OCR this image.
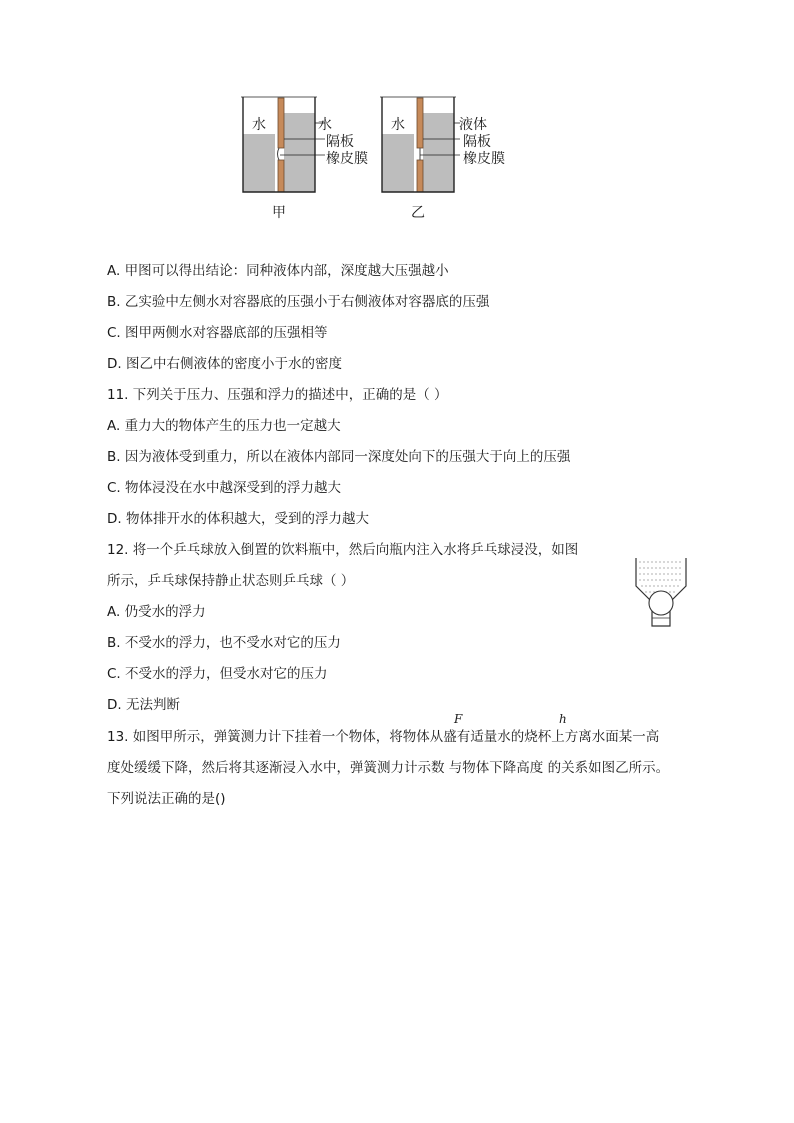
水	水
隔板
橡皮膜
甲
水	液体
隔板
橡皮膜
乙
A. 甲图可以得出结论：同种液体内部，深度越大压强越小
B. 乙实验中左侧水对容器底的压强小于右侧液体对容器底的压强
C. 图甲两侧水对容器底部的压强相等
D. 图乙中右侧液体的密度小于水的密度
11. 下列关于压力、压强和浮力的描述中，正确的是（ ）
A. 重力大的物体产生的压力也一定越大
B. 因为液体受到重力，所以在液体内部同一深度处向下的压强大于向上的压强
C. 物体浸没在水中越深受到的浮力越大
D. 物体排开水的体积越大，受到的浮力越大
12. 将一个乒乓球放入倒置的饮料瓶中，然后向瓶内注入水将乒乓球浸没，如图
所示，乒乓球保持静止状态则乒乓球（ ）
A. 仍受水的浮力
B. 不受水的浮力，也不受水对它的压力
C. 不受水的浮力，但受水对它的压力
D. 无法判断
F	h
13. 如图甲所示，弹簧测力计下挂着一个物体，将物体从盛有适量水的烧杯上方离水面某一高
度处缓缓下降，然后将其逐渐浸入水中，弹簧测力计示数 与物体下降高度 的关系如图乙所示。
下列说法正确的是()
